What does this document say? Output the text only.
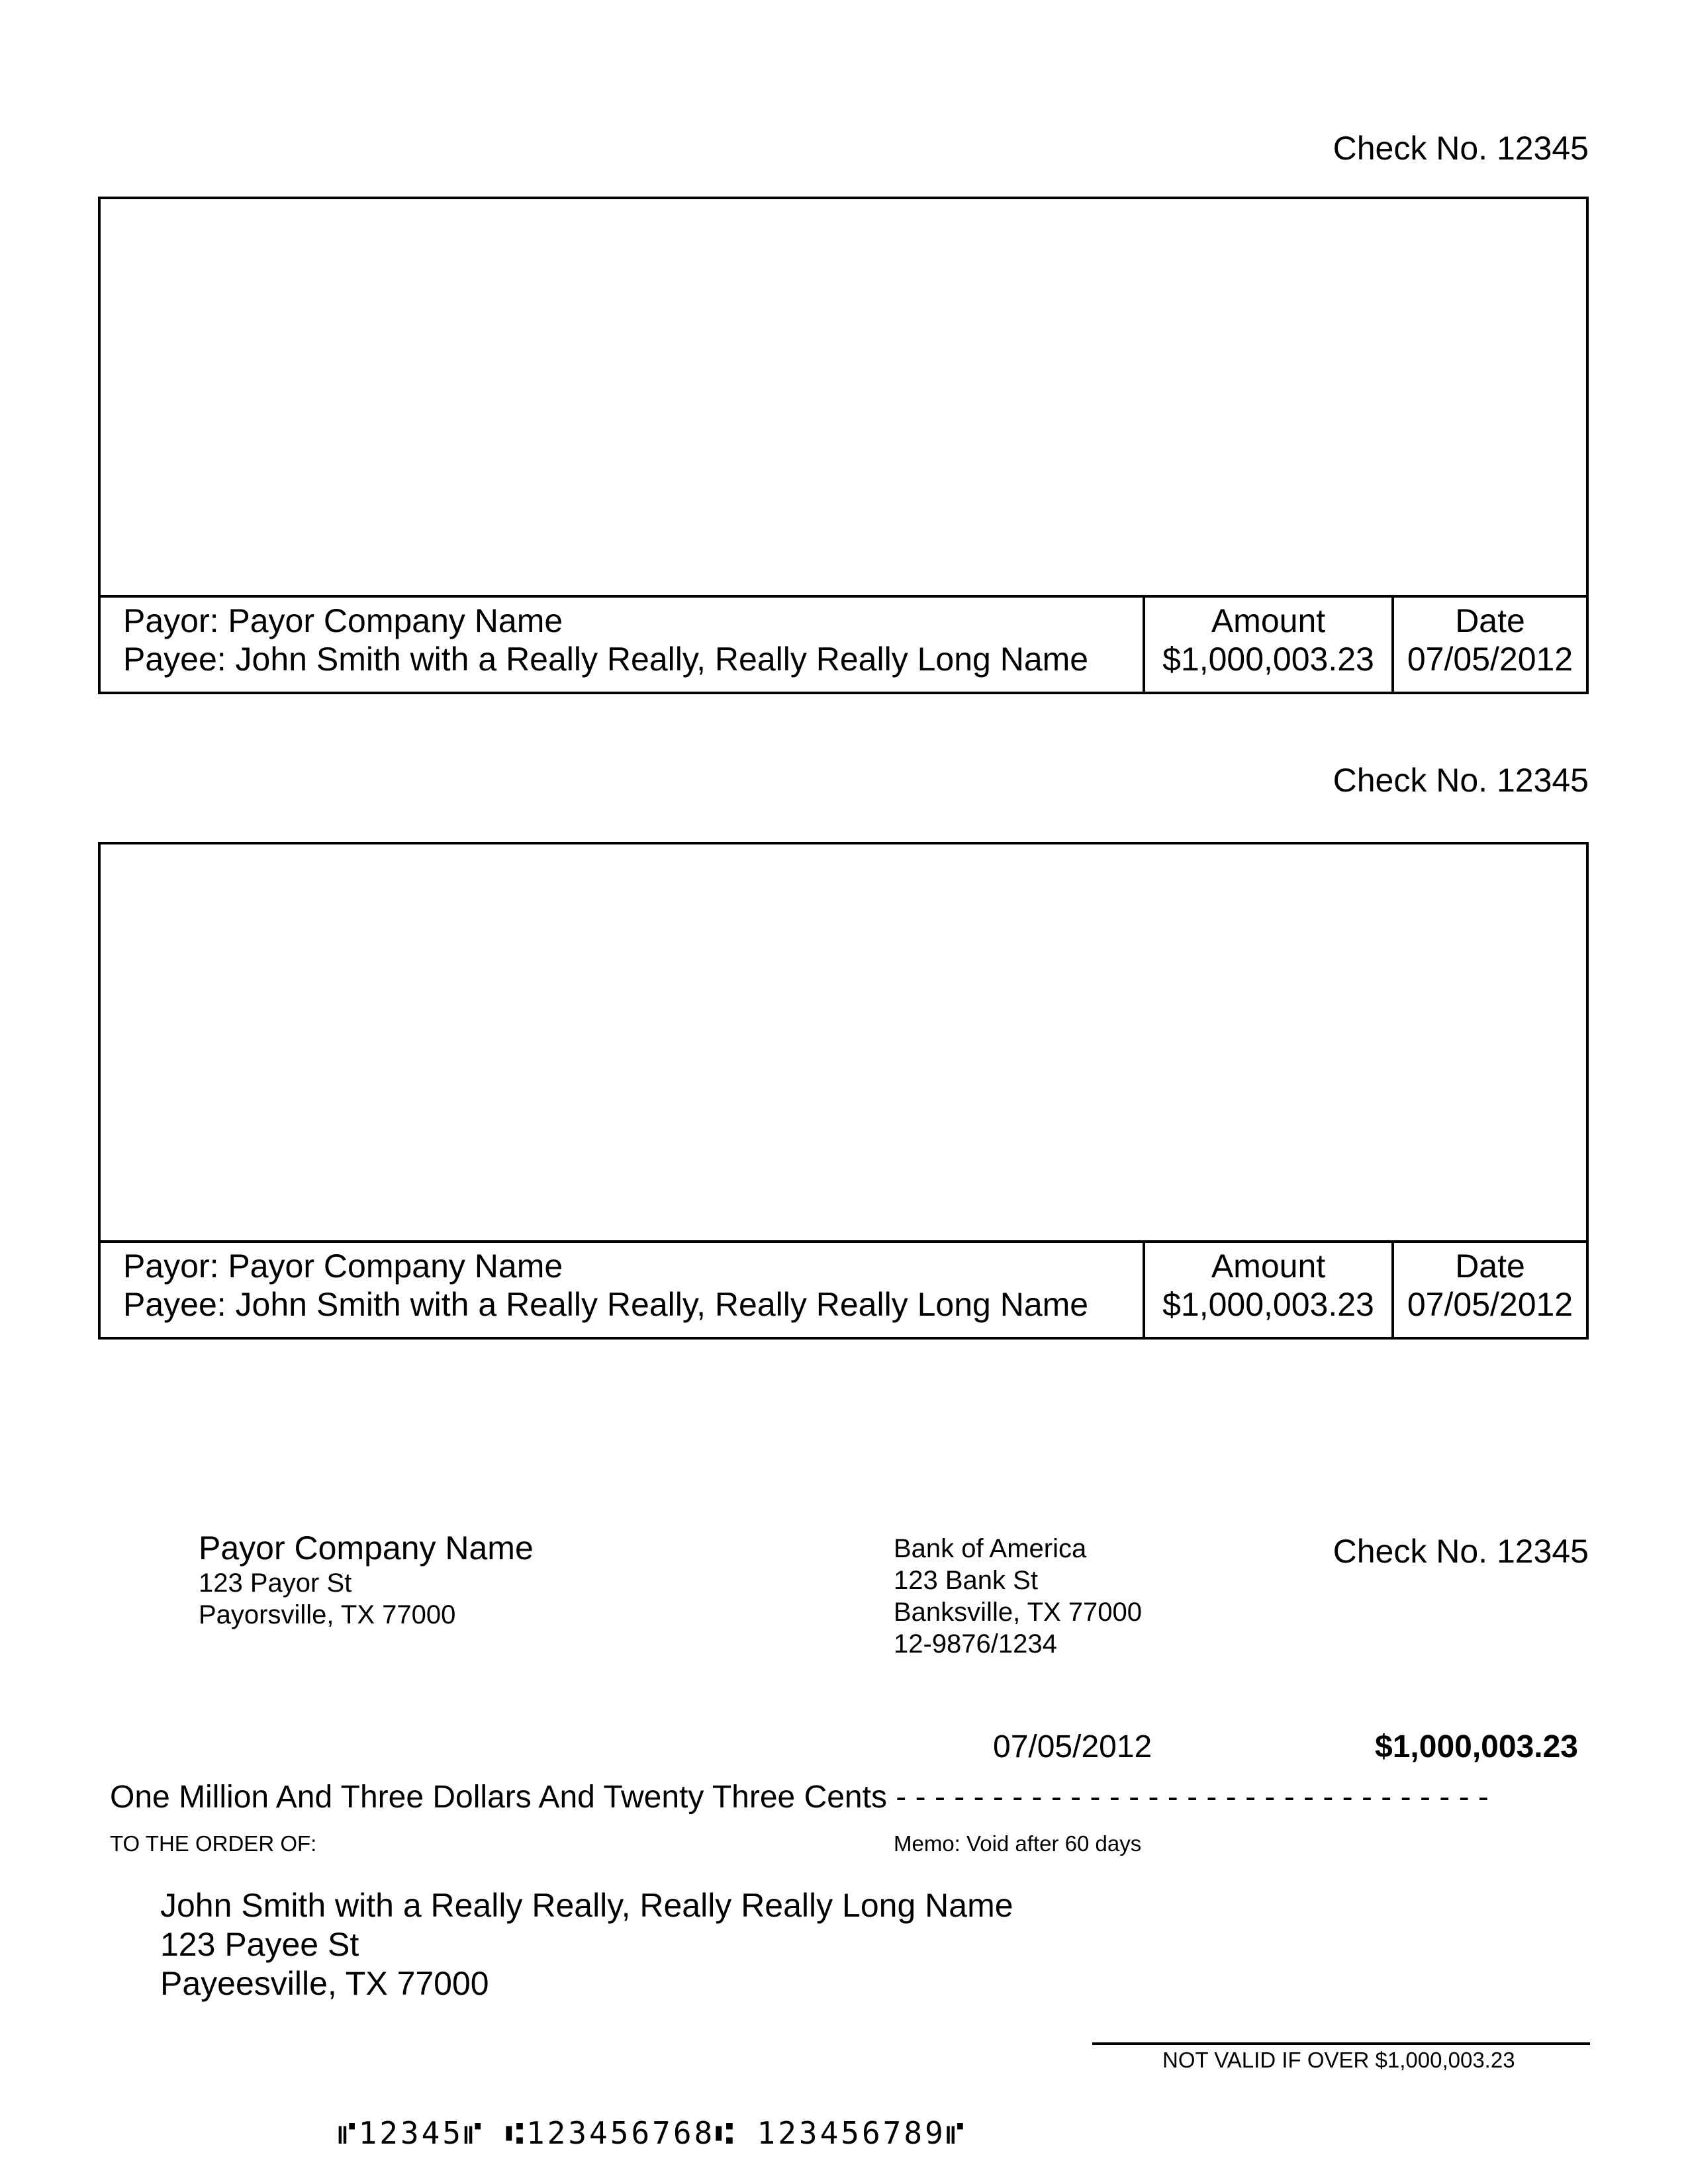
Check No. 12345
Payor: Payor Company Name
Payee: John Smith with a Really Really, Really Really Long Name
Amount
$1,000,003.23
Date
07/05/2012
Check No. 12345
Payor: Payor Company Name
Payee: John Smith with a Really Really, Really Really Long Name
Amount
$1,000,003.23
Date
07/05/2012
Payor Company Name
123 Payor St
Payorsville, TX 77000
Bank of America
123 Bank St
Banksville, TX 77000
12-9876/1234
Check No. 12345
07/05/2012	$1,000,003.23
One Million And Three Dollars And Twenty Three Cents - - - - - - - - - - - - - - - - - - - - - - - - - - - - - - -
TO THE ORDER OF:	Memo: Void after 60 days
John Smith with a Really Really, Really Really Long Name
123 Payee St
Payeesville, TX 77000
NOT VALID IF OVER $1,000,003.23
⑈12345⑈ ⑆123456768⑆ 123456789⑈
